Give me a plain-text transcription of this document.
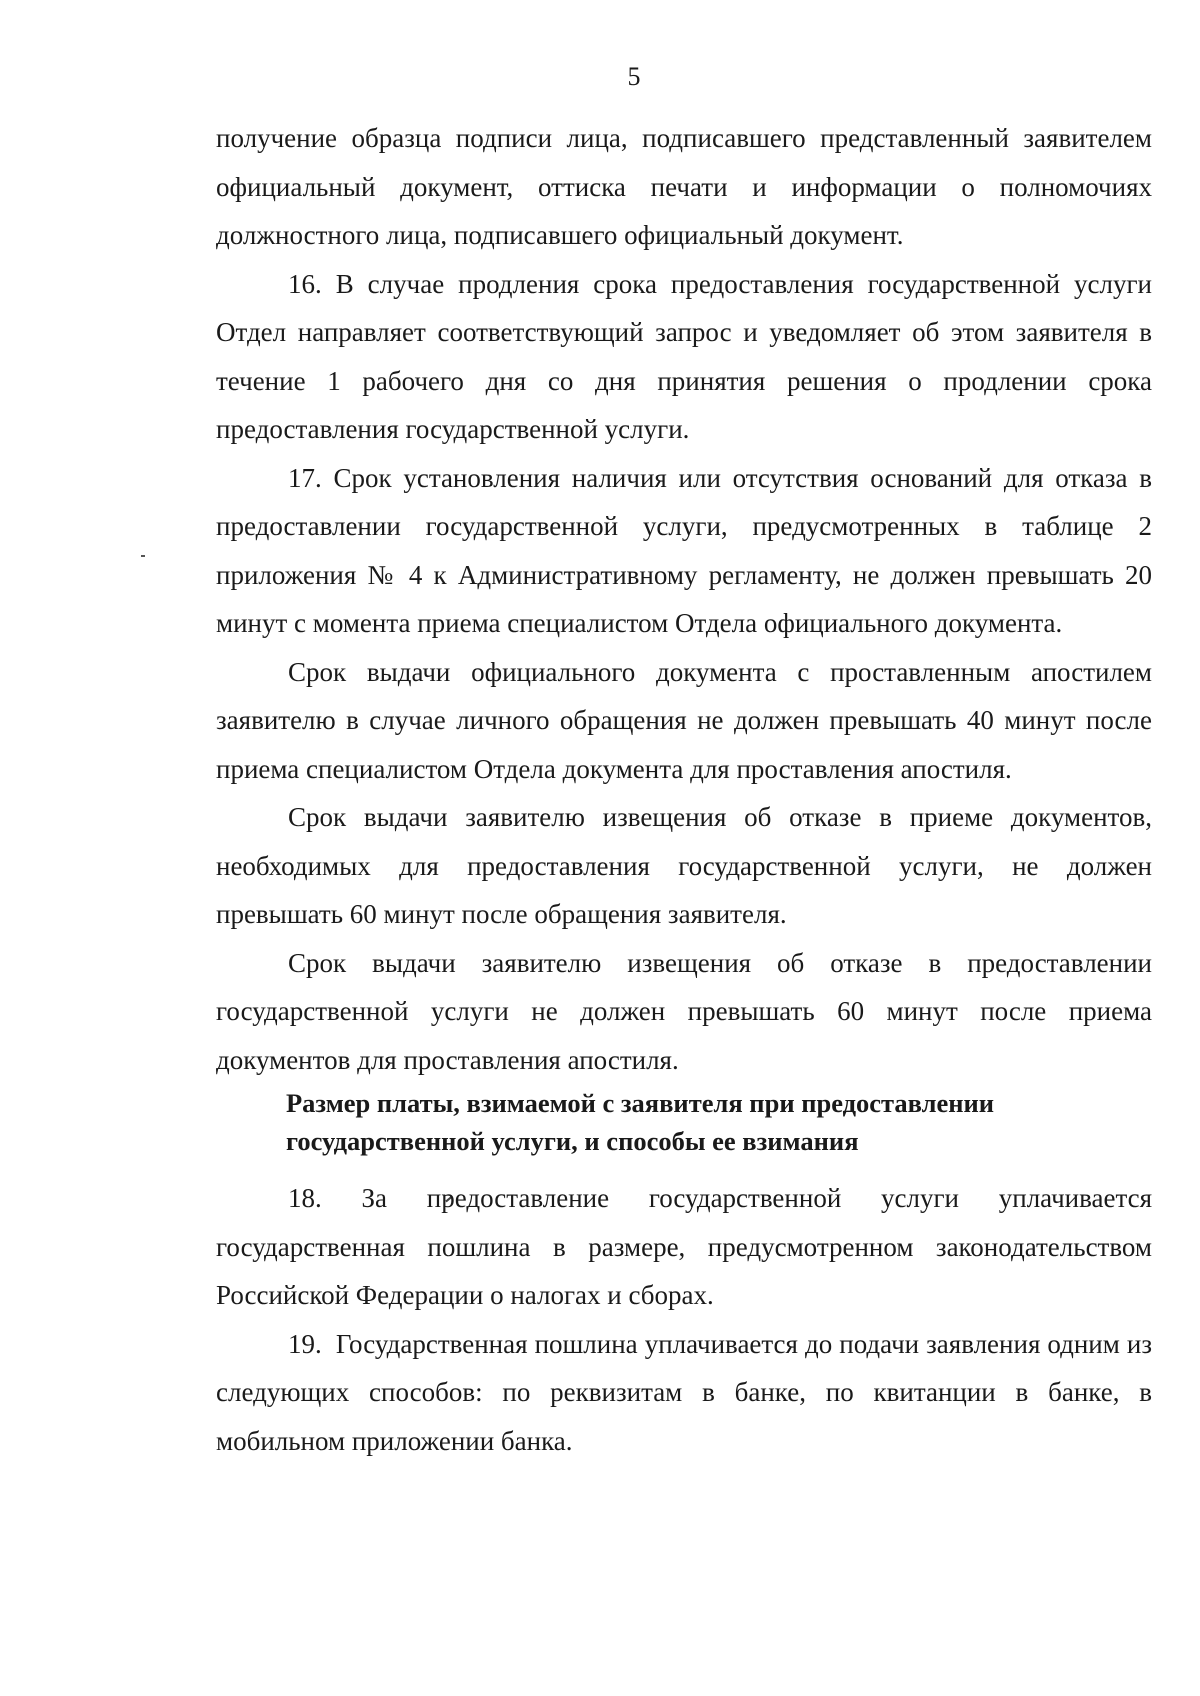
5

получение образца подписи лица, подписавшего представленный заявителем официальный документ, оттиска печати и информации о полномочиях должностного лица, подписавшего официальный документ.

16. В случае продления срока предоставления государственной услуги Отдел направляет соответствующий запрос и уведомляет об этом заявителя в течение 1 рабочего дня со дня принятия решения о продлении срока предоставления государственной услуги.

17. Срок установления наличия или отсутствия оснований для отказа в предоставлении государственной услуги, предусмотренных в таблице 2 приложения № 4 к Административному регламенту, не должен превышать 20 минут с момента приема специалистом Отдела официального документа.

Срок выдачи официального документа с проставленным апостилем заявителю в случае личного обращения не должен превышать 40 минут после приема специалистом Отдела документа для проставления апостиля.

Срок выдачи заявителю извещения об отказе в приеме документов, необходимых для предоставления государственной услуги, не должен превышать 60 минут после обращения заявителя.

Срок выдачи заявителю извещения об отказе в предоставлении государственной услуги не должен превышать 60 минут после приема документов для проставления апостиля.

Размер платы, взимаемой с заявителя при предоставлении
государственной услуги, и способы ее взимания

18.  За  предоставление  государственной  услуги  уплачивается государственная пошлина в размере, предусмотренном законодательством Российской Федерации о налогах и сборах.

19.  Государственная пошлина уплачивается до подачи заявления одним из следующих способов: по реквизитам в банке, по квитанции в банке, в мобильном приложении банка.
